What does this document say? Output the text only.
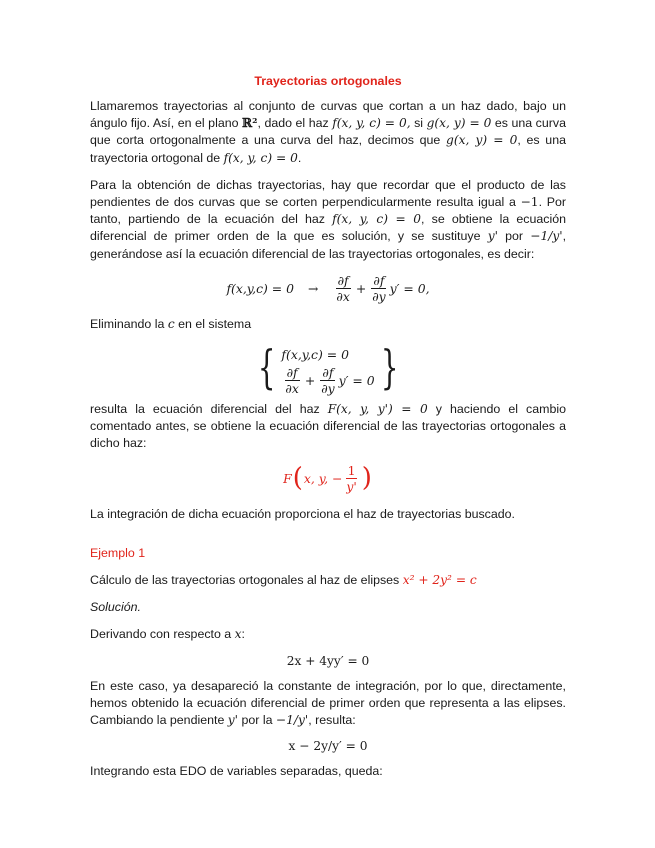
Trayectorias ortogonales

Llamaremos trayectorias al conjunto de curvas que cortan a un haz dado, bajo un ángulo fijo. Así, en el plano ℝ², dado el haz f(x, y, c) = 0, si g(x, y) = 0 es una curva que corta ortogonalmente a una curva del haz, decimos que g(x, y) = 0, es una trayectoria ortogonal de f(x, y, c) = 0.

Para la obtención de dichas trayectorias, hay que recordar que el producto de las pendientes de dos curvas que se corten perpendicularmente resulta igual a −1. Por tanto, partiendo de la ecuación del haz f(x, y, c) = 0, se obtiene la ecuación diferencial de primer orden de la que es solución, y se sustituye y' por −1/y', generándose así la ecuación diferencial de las trayectorias ortogonales, es decir:

$f(x,y,c) = 0 \to \frac{\partial f}{\partial x} + \frac{\partial f}{\partial y} y' = 0$,

Eliminando la c en el sistema

{ f(x,y,c) = 0
$\frac{\partial f}{\partial x} + \frac{\partial f}{\partial y} y' = 0$ }

resulta la ecuación diferencial del haz F(x, y, y') = 0 y haciendo el cambio comentado antes, se obtiene la ecuación diferencial de las trayectorias ortogonales a dicho haz:

F ( x, y, − $\frac{1}{y'}$ )

La integración de dicha ecuación proporciona el haz de trayectorias buscado.

Ejemplo 1

Cálculo de las trayectorias ortogonales al haz de elipses x² + 2y² = c

Solución.

Derivando con respecto a x:

2x + 4yy′ = 0

En este caso, ya desapareció la constante de integración, por lo que, directamente, hemos obtenido la ecuación diferencial de primer orden que representa a las elipses. Cambiando la pendiente y' por la −1/y', resulta:

x − 2y/y′ = 0

Integrando esta EDO de variables separadas, queda:
